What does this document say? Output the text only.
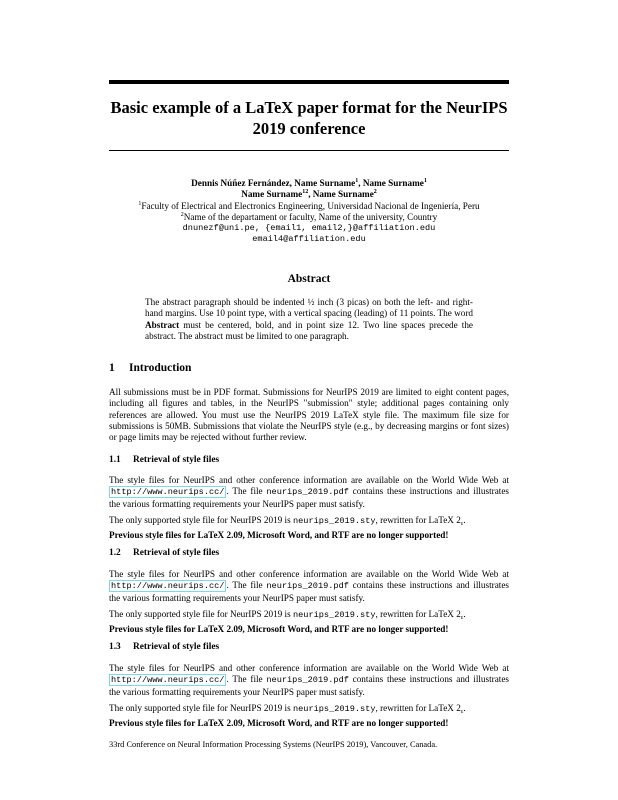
Basic example of a LaTeX paper format for the NeurIPS 2019 conference
Dennis Núñez Fernández, Name Surname$^1$, Name Surname$^1$
Name Surname$^{12}$, Name Surname$^2$
$^1$Faculty of Electrical and Electronics Engineering, Universidad Nacional de Ingeniería, Peru
$^2$Name of the departament or faculty, Name of the university, Country
dnunezf@uni.pe, {email1, email2,}@affiliation.edu
email4@affiliation.edu
Abstract
The abstract paragraph should be indented ½ inch (3 picas) on both the left- and right-hand margins. Use 10 point type, with a vertical spacing (leading) of 11 points. The word Abstract must be centered, bold, and in point size 12. Two line spaces precede the abstract. The abstract must be limited to one paragraph.
1 Introduction
All submissions must be in PDF format. Submissions for NeurIPS 2019 are limited to eight content pages, including all figures and tables, in the NeurIPS "submission" style; additional pages containing only references are allowed. You must use the NeurIPS 2019 LaTeX style file. The maximum file size for submissions is 50MB. Submissions that violate the NeurIPS style (e.g., by decreasing margins or font sizes) or page limits may be rejected without further review.
1.1 Retrieval of style files
The style files for NeurIPS and other conference information are available on the World Wide Web at http://www.neurips.cc/ . The file neurips_2019.pdf contains these instructions and illustrates the various formatting requirements your NeurIPS paper must satisfy.
The only supported style file for NeurIPS 2019 is neurips_2019.sty, rewritten for LaTeX $2_\varepsilon$.
Previous style files for LaTeX 2.09, Microsoft Word, and RTF are no longer supported!
1.2 Retrieval of style files
The style files for NeurIPS and other conference information are available on the World Wide Web at http://www.neurips.cc/ . The file neurips_2019.pdf contains these instructions and illustrates the various formatting requirements your NeurIPS paper must satisfy.
The only supported style file for NeurIPS 2019 is neurips_2019.sty, rewritten for LaTeX $2_\varepsilon$.
Previous style files for LaTeX 2.09, Microsoft Word, and RTF are no longer supported!
1.3 Retrieval of style files
The style files for NeurIPS and other conference information are available on the World Wide Web at http://www.neurips.cc/ . The file neurips_2019.pdf contains these instructions and illustrates the various formatting requirements your NeurIPS paper must satisfy.
The only supported style file for NeurIPS 2019 is neurips_2019.sty, rewritten for LaTeX $2_\varepsilon$.
Previous style files for LaTeX 2.09, Microsoft Word, and RTF are no longer supported!
33rd Conference on Neural Information Processing Systems (NeurIPS 2019), Vancouver, Canada.
